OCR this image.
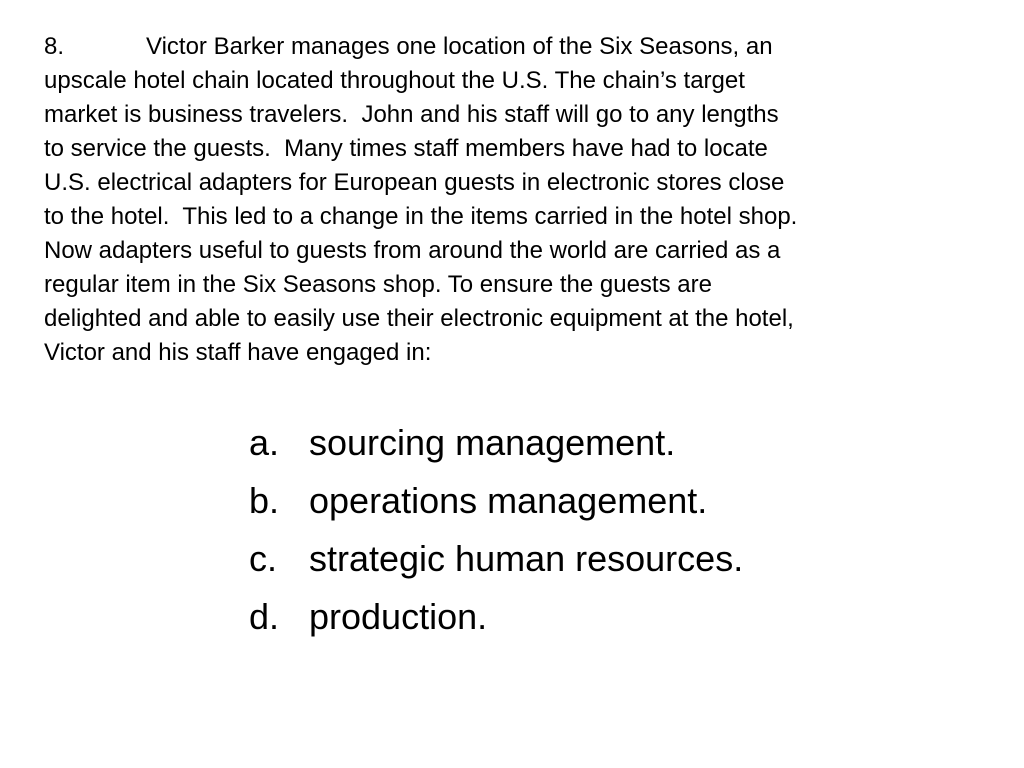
8.	Victor Barker manages one location of the Six Seasons, an
upscale hotel chain located throughout the U.S. The chain’s target
market is business travelers.  John and his staff will go to any lengths
to service the guests.  Many times staff members have had to locate
U.S. electrical adapters for European guests in electronic stores close
to the hotel.  This led to a change in the items carried in the hotel shop.
Now adapters useful to guests from around the world are carried as a
regular item in the Six Seasons shop. To ensure the guests are
delighted and able to easily use their electronic equipment at the hotel,
Victor and his staff have engaged in:
a. sourcing management.
b. operations management.
c. strategic human resources.
d. production.
